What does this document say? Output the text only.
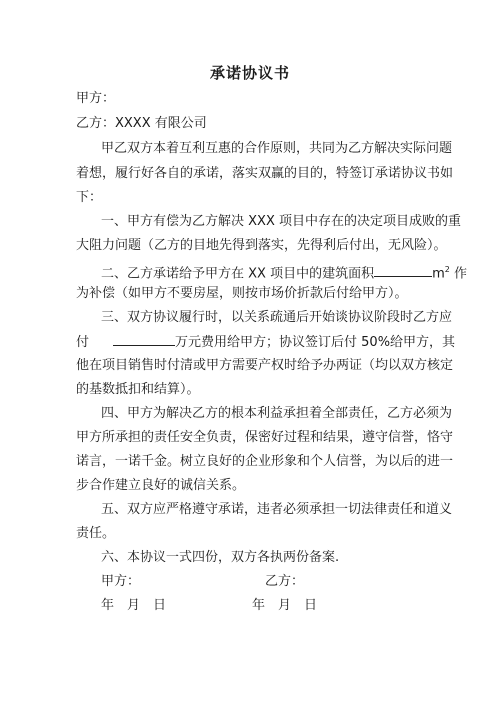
承诺协议书
甲方：
乙方：XXXX 有限公司
甲乙双方本着互利互惠的合作原则，共同为乙方解决实际问题
着想，履行好各自的承诺，落实双赢的目的，特签订承诺协议书如
下：
一、甲方有偿为乙方解决 XXX 项目中存在的决定项目成败的重
大阻力问题（乙方的目地先得到落实，先得利后付出，无风险）。
二、乙方承诺给予甲方在 XX 项目中的建筑面积	$m^2$ 作
为补偿（如甲方不要房屋，则按市场价折款后付给甲方）。
三、双方协议履行时，以关系疏通后开始谈协议阶段时乙方应
付	万元费用给甲方；协议签订后付 50%给甲方，其
他在项目销售时付清或甲方需要产权时给予办两证（均以双方核定
的基数抵扣和结算）。
四、甲方为解决乙方的根本利益承担着全部责任，乙方必须为
甲方所承担的责任安全负责，保密好过程和结果，遵守信誉，恪守
诺言，一诺千金。树立良好的企业形象和个人信誉，为以后的进一
步合作建立良好的诚信关系。
五、双方应严格遵守承诺，违者必须承担一切法律责任和道义
责任。
六、本协议一式四份，双方各执两份备案.
甲方：	乙方：
年　月　日	年　月　日
